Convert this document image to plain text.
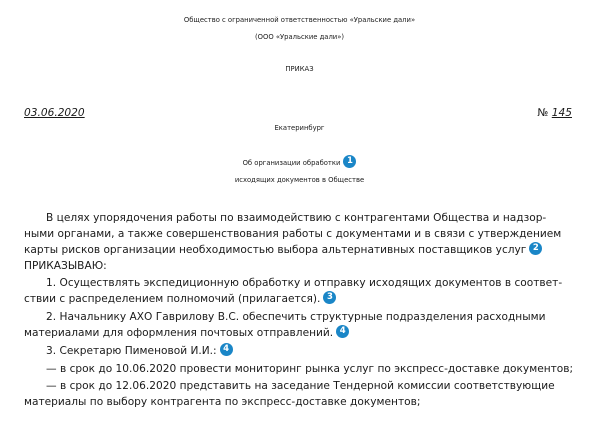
Общество с ограниченной ответственностью «Уральские дали»
(ООО «Уральские дали»)
ПРИКАЗ
03.06.2020	№ 145
Екатеринбург
Об организации обработки 1
исходящих документов в Обществе
В целях упорядочения работы по взаимодействию с контрагентами Общества и надзор-
ными органами, а также совершенствования работы с документами и в связи с утверждением
карты рисков организации необходимостью выбора альтернативных поставщиков услуг 2
ПРИКАЗЫВАЮ:
1. Осуществлять экспедиционную обработку и отправку исходящих документов в соответ-
ствии с распределением полномочий (прилагается). 3
2. Начальнику АХО Гаврилову В.С. обеспечить структурные подразделения расходными
материалами для оформления почтовых отправлений. 4
3. Секретарю Пименовой И.И.: 4
— в срок до 10.06.2020 провести мониторинг рынка услуг по экспресс-доставке документов;
— в срок до 12.06.2020 представить на заседание Тендерной комиссии соответствующие
материалы по выбору контрагента по экспресс-доставке документов;
